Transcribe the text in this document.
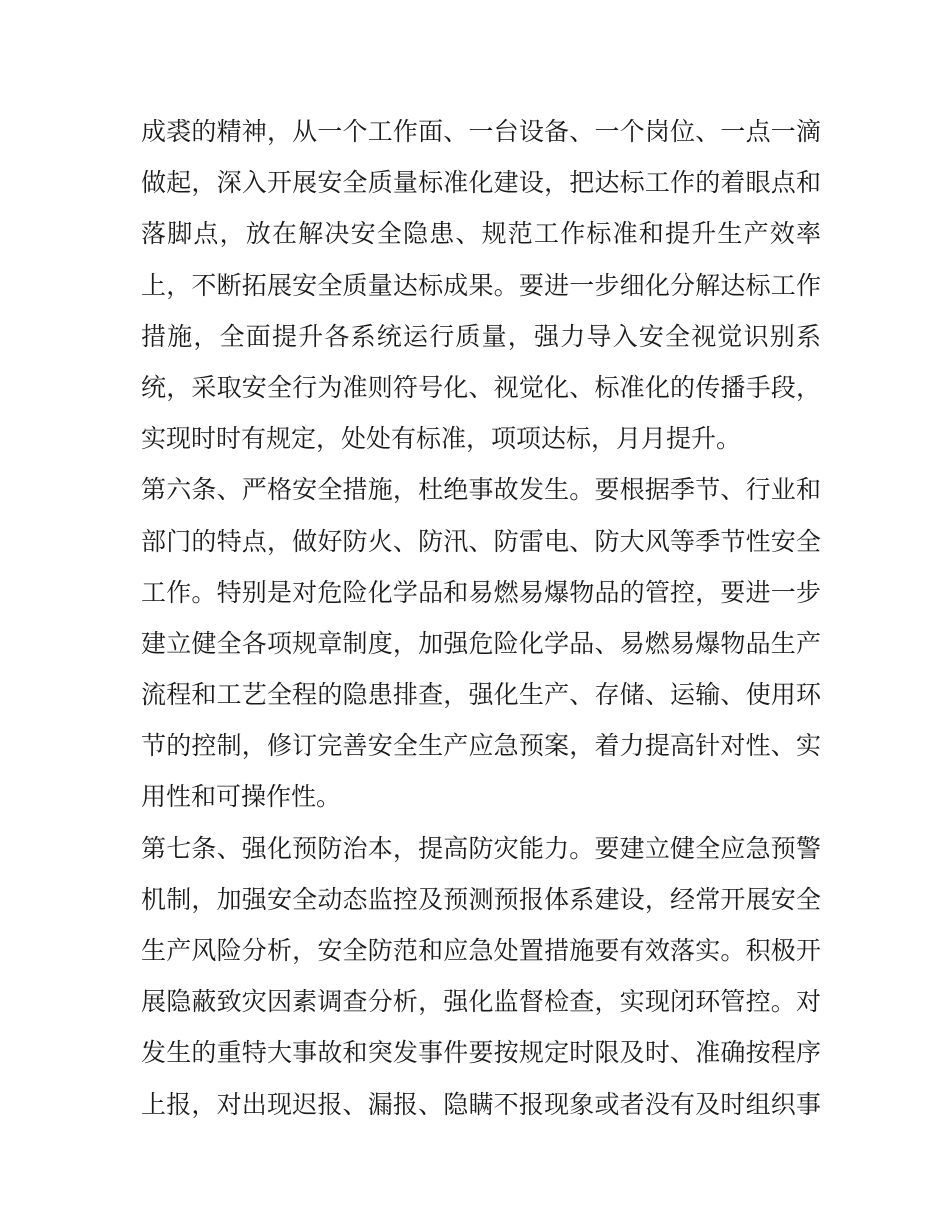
成裘的精神，从一个工作面、一台设备、一个岗位、一点一滴
做起，深入开展安全质量标准化建设，把达标工作的着眼点和
落脚点，放在解决安全隐患、规范工作标准和提升生产效率
上，不断拓展安全质量达标成果。要进一步细化分解达标工作
措施，全面提升各系统运行质量，强力导入安全视觉识别系
统，采取安全行为准则符号化、视觉化、标准化的传播手段，
实现时时有规定，处处有标准，项项达标，月月提升。
第六条、严格安全措施，杜绝事故发生。要根据季节、行业和
部门的特点，做好防火、防汛、防雷电、防大风等季节性安全
工作。特别是对危险化学品和易燃易爆物品的管控，要进一步
建立健全各项规章制度，加强危险化学品、易燃易爆物品生产
流程和工艺全程的隐患排查，强化生产、存储、运输、使用环
节的控制，修订完善安全生产应急预案，着力提高针对性、实
用性和可操作性。
第七条、强化预防治本，提高防灾能力。要建立健全应急预警
机制，加强安全动态监控及预测预报体系建设，经常开展安全
生产风险分析，安全防范和应急处置措施要有效落实。积极开
展隐蔽致灾因素调查分析，强化监督检查，实现闭环管控。对
发生的重特大事故和突发事件要按规定时限及时、准确按程序
上报，对出现迟报、漏报、隐瞒不报现象或者没有及时组织事
